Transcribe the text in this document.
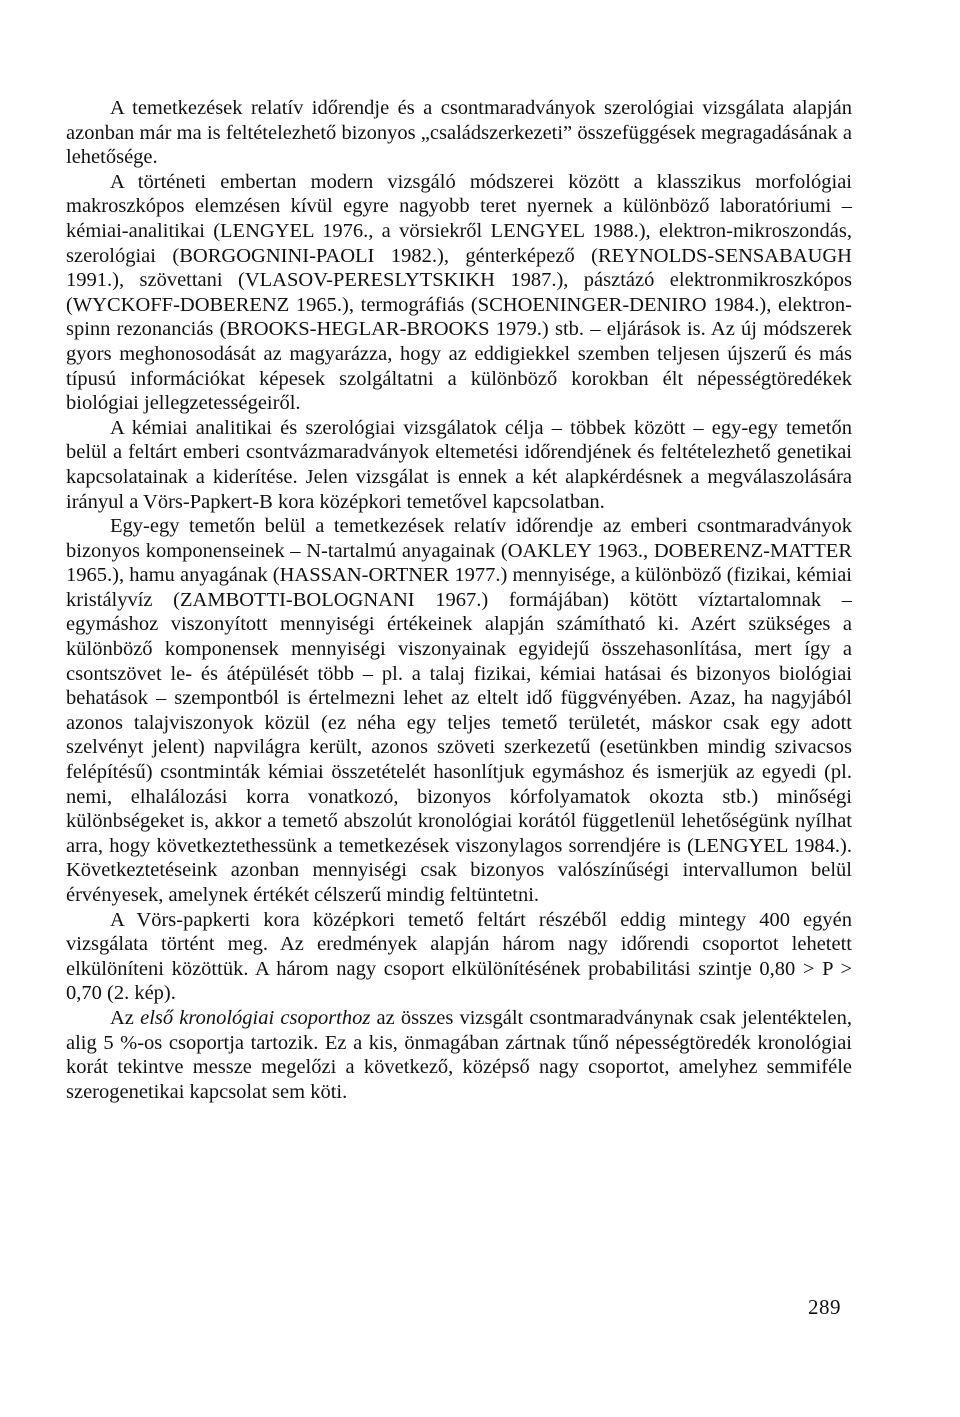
A temetkezések relatív időrendje és a csontmaradványok szerológiai vizsgálata alapján azonban már ma is feltételezhető bizonyos „családszerkezeti” összefüggések megragadásának a lehetősége.

A történeti embertan modern vizsgáló módszerei között a klasszikus morfológiai makroszkópos elemzésen kívül egyre nagyobb teret nyernek a különböző laboratóriumi – kémiai-analitikai (LENGYEL 1976., a vörsiekről LENGYEL 1988.), elektron-mikroszondás, szerológiai (BORGOGNINI-PAOLI 1982.), génterképező (REYNOLDS-SENSABAUGH 1991.), szövettani (VLASOV-PERESLYTSKIKH 1987.), pásztázó elektronmikroszkópos (WYCKOFF-DOBERENZ 1965.), termográfiás (SCHOENINGER-DENIRO 1984.), elektron-spinn rezonanciás (BROOKS-HEGLAR-BROOKS 1979.) stb. – eljárások is. Az új módszerek gyors meghonosodását az magyarázza, hogy az eddigiekkel szemben teljesen újszerű és más típusú információkat képesek szolgáltatni a különböző korokban élt népességtöredékek biológiai jellegzetességeiről.

A kémiai analitikai és szerológiai vizsgálatok célja – többek között – egy-egy temetőn belül a feltárt emberi csontvázmaradványok eltemetési időrendjének és feltételezhető genetikai kapcsolatainak a kiderítése. Jelen vizsgálat is ennek a két alapkérdésnek a megválaszolására irányul a Vörs-Papkert-B kora középkori temetővel kapcsolatban.

Egy-egy temetőn belül a temetkezések relatív időrendje az emberi csontmaradványok bizonyos komponenseinek – N-tartalmú anyagainak (OAKLEY 1963., DOBERENZ-MATTER 1965.), hamu anyagának (HASSAN-ORTNER 1977.) mennyisége, a különböző (fizikai, kémiai kristályvíz (ZAMBOTTI-BOLOGNANI 1967.) formájában) kötött víztartalomnak – egymáshoz viszonyított mennyiségi értékeinek alapján számítható ki. Azért szükséges a különböző komponensek mennyiségi viszonyainak egyidejű összehasonlítása, mert így a csontszövet le- és átépülését több – pl. a talaj fizikai, kémiai hatásai és bizonyos biológiai behatások – szempontból is értelmezni lehet az eltelt idő függvényében. Azaz, ha nagyjából azonos talajviszonyok közül (ez néha egy teljes temető területét, máskor csak egy adott szelvényt jelent) napvilágra került, azonos szöveti szerkezetű (esetünkben mindig szivacsos felépítésű) csontminták kémiai összetételét hasonlítjuk egymáshoz és ismerjük az egyedi (pl. nemi, elhalálozási korra vonatkozó, bizonyos kórfolyamatok okozta stb.) minőségi különbségeket is, akkor a temető abszolút kronológiai korától függetlenül lehetőségünk nyílhat arra, hogy következtethessünk a temetkezések viszonylagos sorrendjére is (LENGYEL 1984.). Következtetéseink azonban mennyiségi csak bizonyos valószínűségi intervallumon belül érvényesek, amelynek értékét célszerű mindig feltüntetni.

A Vörs-papkerti kora középkori temető feltárt részéből eddig mintegy 400 egyén vizsgálata történt meg. Az eredmények alapján három nagy időrendi csoportot lehetett elkülöníteni közöttük. A három nagy csoport elkülönítésének probabilitási szintje 0,80 > P > 0,70 (2. kép).

Az első kronológiai csoporthoz az összes vizsgált csontmaradványnak csak jelentéktelen, alig 5 %-os csoportja tartozik. Ez a kis, önmagában zártnak tűnő népességtöredék kronológiai korát tekintve messze megelőzi a következő, középső nagy csoportot, amelyhez semmiféle szerogenetikai kapcsolat sem köti.

289
